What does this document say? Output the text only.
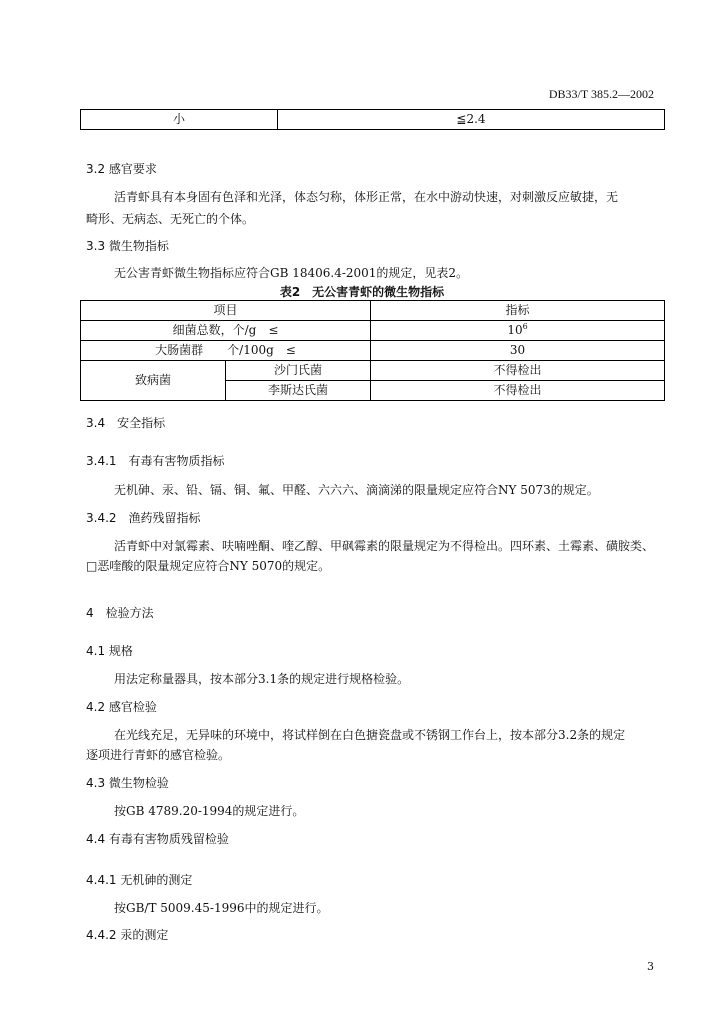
DB33/T 385.2—2002
小	≦2.4
3.2 感官要求
活青虾具有本身固有色泽和光泽，体态匀称，体形正常，在水中游动快速，对刺激反应敏捷，无
畸形、无病态、无死亡的个体。
3.3 微生物指标
无公害青虾微生物指标应符合GB 18406.4-2001的规定，见表2。
表2　无公害青虾的微生物指标
项目		指标
细菌总数，个/g　≤		$10^6$
大肠菌群　　个/100g　≤		30
致病菌	沙门氏菌	不得检出
	李斯达氏菌	不得检出
3.4　安全指标
3.4.1　有毒有害物质指标
无机砷、汞、铅、镉、铜、氟、甲醛、六六六、滴滴涕的限量规定应符合NY 5073的规定。
3.4.2　渔药残留指标
活青虾中对氯霉素、呋喃唑酮、喹乙醇、甲砜霉素的限量规定为不得检出。四环素、土霉素、磺胺类、
□恶喹酸的限量规定应符合NY 5070的规定。
4　检验方法
4.1 规格
用法定称量器具，按本部分3.1条的规定进行规格检验。
4.2 感官检验
在光线充足，无异味的环境中，将试样倒在白色搪瓷盘或不锈钢工作台上，按本部分3.2条的规定
逐项进行青虾的感官检验。
4.3 微生物检验
按GB 4789.20-1994的规定进行。
4.4 有毒有害物质残留检验
4.4.1 无机砷的测定
按GB/T 5009.45-1996中的规定进行。
4.4.2 汞的测定
3
